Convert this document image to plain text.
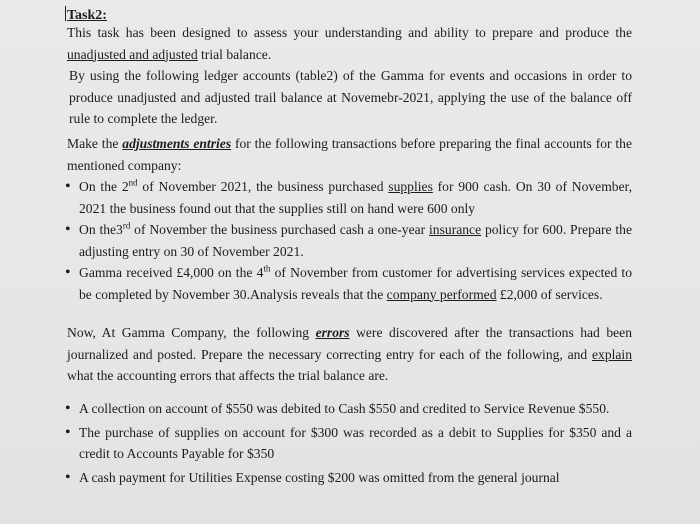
Task2:

This task has been designed to assess your understanding and ability to prepare and produce the unadjusted and adjusted trial balance.

By using the following ledger accounts (table2) of the Gamma for events and occasions in order to produce unadjusted and adjusted trail balance at Novemebr-2021, applying the use of the balance off rule to complete the ledger.

Make the adjustments entries for the following transactions before preparing the final accounts for the mentioned company:

• On the 2nd of November 2021, the business purchased supplies for 900 cash. On 30 of November, 2021 the business found out that the supplies still on hand were 600 only
• On the3rd of November the business purchased cash a one-year insurance policy for 600. Prepare the adjusting entry on 30 of November 2021.
• Gamma received £4,000 on the 4th of November from customer for advertising services expected to be completed by November 30.Analysis reveals that the company performed £2,000 of services.

Now, At Gamma Company, the following errors were discovered after the transactions had been journalized and posted. Prepare the necessary correcting entry for each of the following, and explain what the accounting errors that affects the trial balance are.

• A collection on account of $550 was debited to Cash $550 and credited to Service Revenue $550.
• The purchase of supplies on account for $300 was recorded as a debit to Supplies for $350 and a credit to Accounts Payable for $350
• A cash payment for Utilities Expense costing $200 was omitted from the general journal
